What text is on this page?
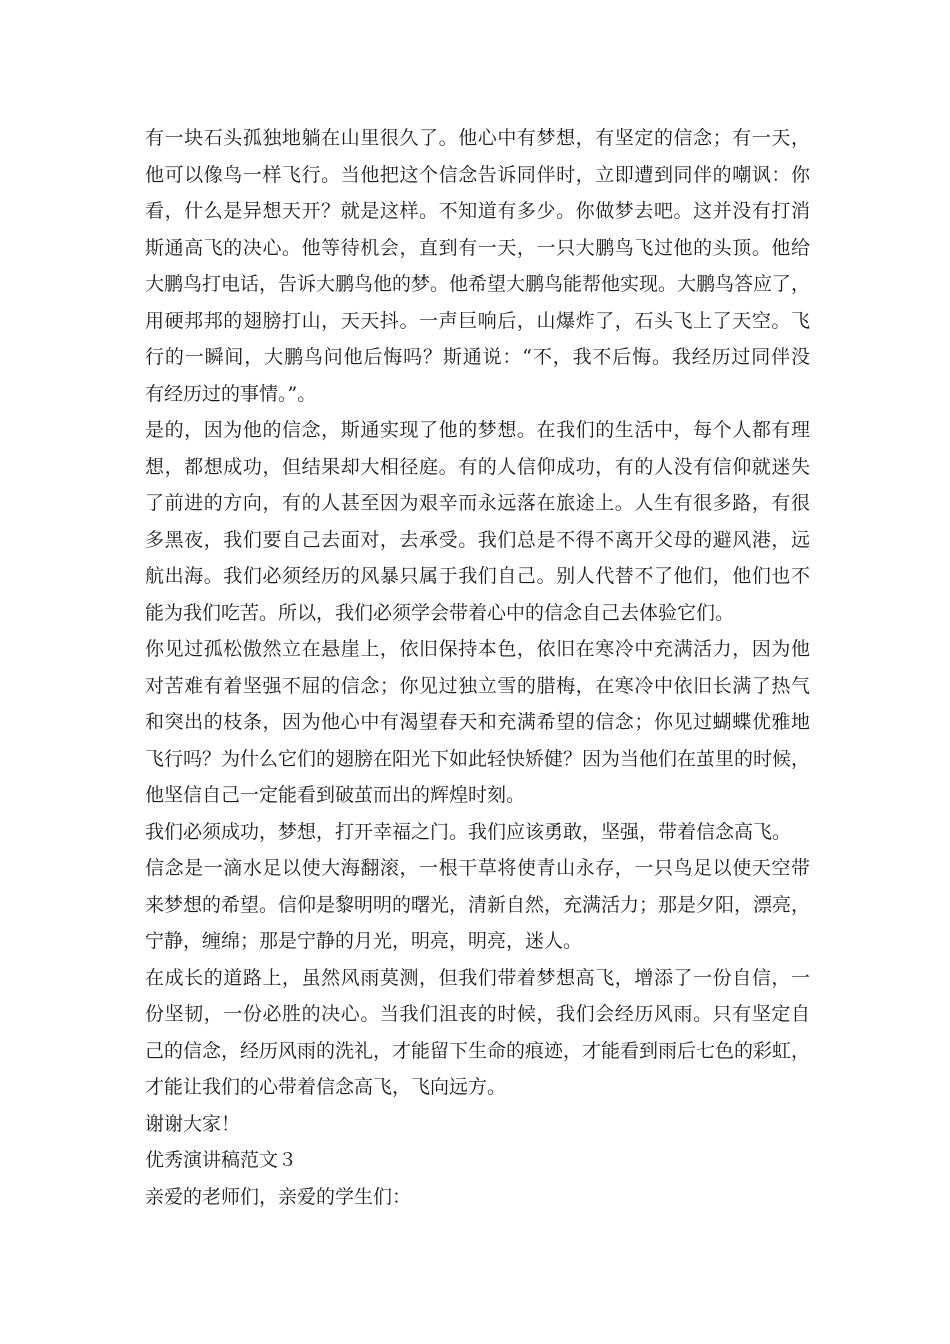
有一块石头孤独地躺在山里很久了。他心中有梦想，有坚定的信念；有一天，
他可以像鸟一样飞行。当他把这个信念告诉同伴时，立即遭到同伴的嘲讽：你
看，什么是异想天开？就是这样。不知道有多少。你做梦去吧。这并没有打消
斯通高飞的决心。他等待机会，直到有一天，一只大鹏鸟飞过他的头顶。他给
大鹏鸟打电话，告诉大鹏鸟他的梦。他希望大鹏鸟能帮他实现。大鹏鸟答应了，
用硬邦邦的翅膀打山，天天抖。一声巨响后，山爆炸了，石头飞上了天空。飞
行的一瞬间，大鹏鸟问他后悔吗？斯通说：“不，我不后悔。我经历过同伴没
有经历过的事情。”。
是的，因为他的信念，斯通实现了他的梦想。在我们的生活中，每个人都有理
想，都想成功，但结果却大相径庭。有的人信仰成功，有的人没有信仰就迷失
了前进的方向，有的人甚至因为艰辛而永远落在旅途上。人生有很多路，有很
多黑夜，我们要自己去面对，去承受。我们总是不得不离开父母的避风港，远
航出海。我们必须经历的风暴只属于我们自己。别人代替不了他们，他们也不
能为我们吃苦。所以，我们必须学会带着心中的信念自己去体验它们。
你见过孤松傲然立在悬崖上，依旧保持本色，依旧在寒冷中充满活力，因为他
对苦难有着坚强不屈的信念；你见过独立雪的腊梅，在寒冷中依旧长满了热气
和突出的枝条，因为他心中有渴望春天和充满希望的信念；你见过蝴蝶优雅地
飞行吗？为什么它们的翅膀在阳光下如此轻快矫健？因为当他们在茧里的时候，
他坚信自己一定能看到破茧而出的辉煌时刻。
我们必须成功，梦想，打开幸福之门。我们应该勇敢，坚强，带着信念高飞。
信念是一滴水足以使大海翻滚，一根干草将使青山永存，一只鸟足以使天空带
来梦想的希望。信仰是黎明明的曙光，清新自然，充满活力；那是夕阳，漂亮，
宁静，缠绵；那是宁静的月光，明亮，明亮，迷人。
在成长的道路上，虽然风雨莫测，但我们带着梦想高飞，增添了一份自信，一
份坚韧，一份必胜的决心。当我们沮丧的时候，我们会经历风雨。只有坚定自
己的信念，经历风雨的洗礼，才能留下生命的痕迹，才能看到雨后七色的彩虹，
才能让我们的心带着信念高飞，飞向远方。
谢谢大家！
优秀演讲稿范文３
亲爱的老师们，亲爱的学生们：
